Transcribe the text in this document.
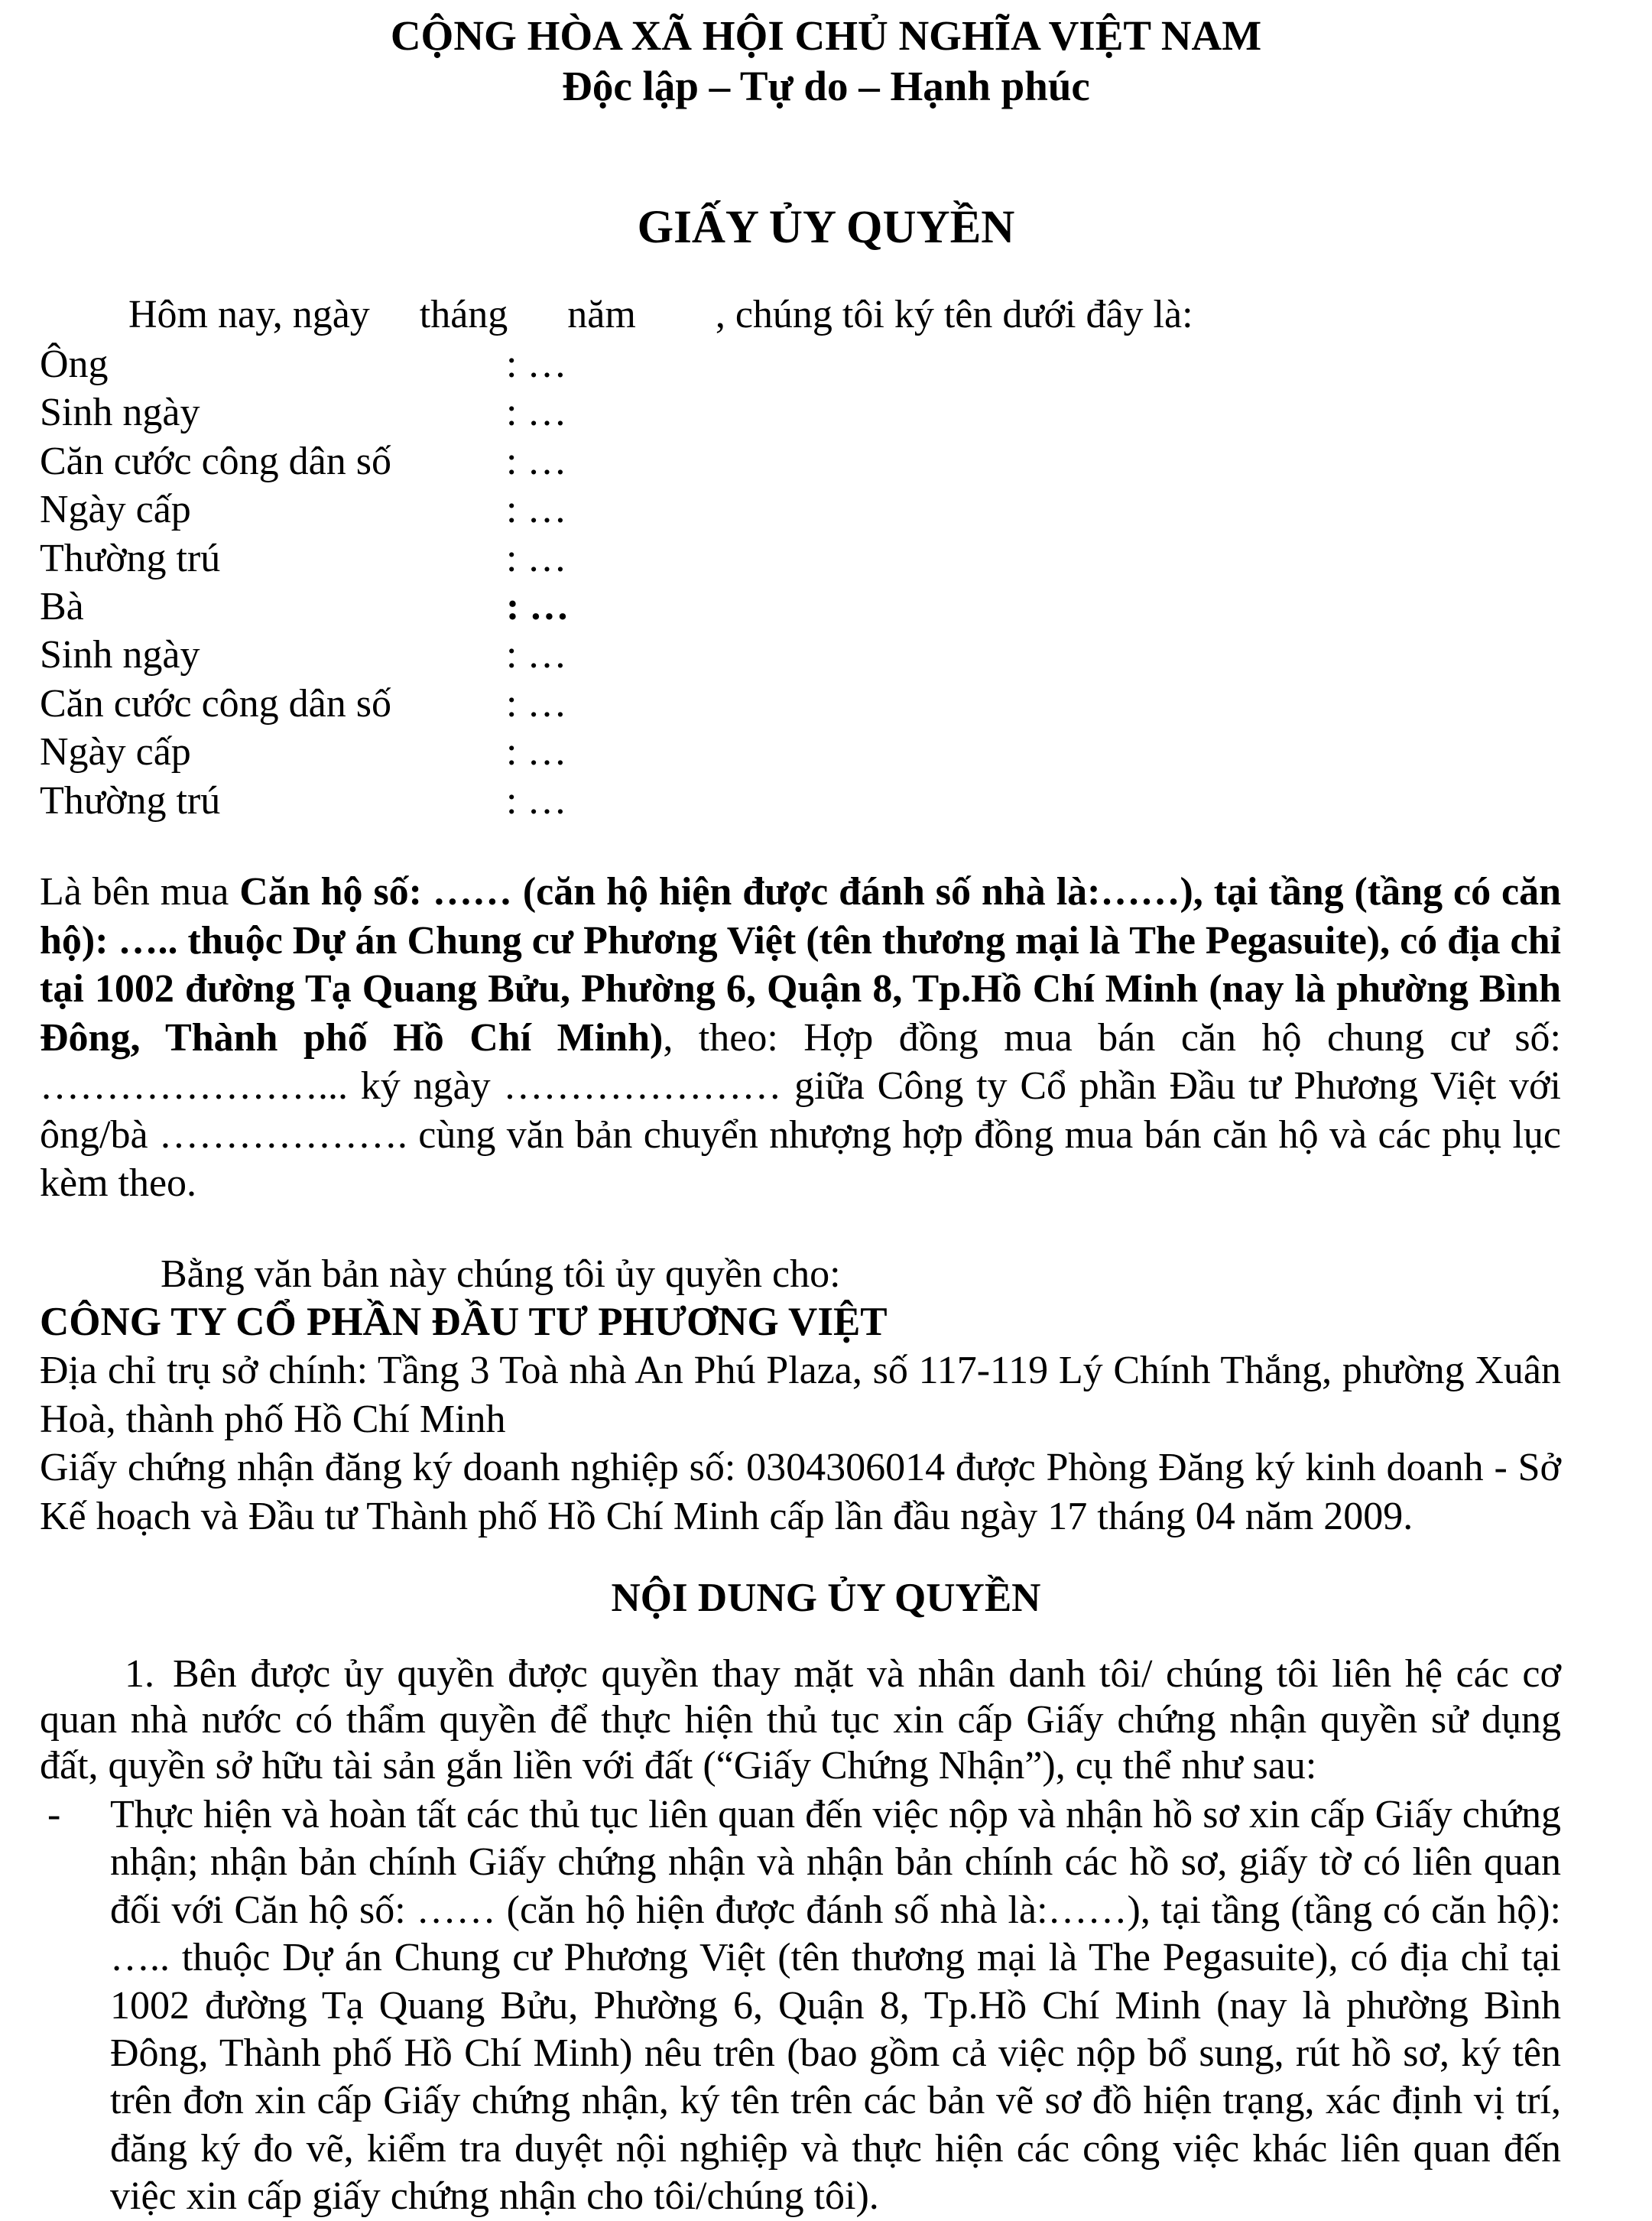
CỘNG HÒA XÃ HỘI CHỦ NGHĨA VIỆT NAM
Độc lập – Tự do – Hạnh phúc
GIẤY ỦY QUYỀN
Hôm nay, ngày     tháng      năm        , chúng tôi ký tên dưới đây là:
Ông	: …
Sinh ngày	: …
Căn cước công dân số	: …
Ngày cấp	: …
Thường trú	: …
Bà	: …
Sinh ngày	: …
Căn cước công dân số	: …
Ngày cấp	: …
Thường trú	: …
Là bên mua Căn hộ số: …… (căn hộ hiện được đánh số nhà là:……), tại tầng (tầng có căn hộ): ….. thuộc Dự án Chung cư Phương Việt (tên thương mại là The Pegasuite), có địa chỉ tại 1002 đường Tạ Quang Bửu, Phường 6, Quận 8, Tp.Hồ Chí Minh (nay là phường Bình Đông, Thành phố Hồ Chí Minh), theo: Hợp đồng mua bán căn hộ chung cư số: …………………... ký ngày ………………… giữa Công ty Cổ phần Đầu tư Phương Việt với ông/bà ………………. cùng văn bản chuyển nhượng hợp đồng mua bán căn hộ và các phụ lục kèm theo.
Bằng văn bản này chúng tôi ủy quyền cho:
CÔNG TY CỔ PHẦN ĐẦU TƯ PHƯƠNG VIỆT
Địa chỉ trụ sở chính: Tầng 3 Toà nhà An Phú Plaza, số 117-119 Lý Chính Thắng, phường Xuân Hoà, thành phố Hồ Chí Minh
Giấy chứng nhận đăng ký doanh nghiệp số: 0304306014 được Phòng Đăng ký kinh doanh - Sở Kế hoạch và Đầu tư Thành phố Hồ Chí Minh cấp lần đầu ngày 17 tháng 04 năm 2009.
NỘI DUNG ỦY QUYỀN
1. Bên được ủy quyền được quyền thay mặt và nhân danh tôi/ chúng tôi liên hệ các cơ quan nhà nước có thẩm quyền để thực hiện thủ tục xin cấp Giấy chứng nhận quyền sử dụng đất, quyền sở hữu tài sản gắn liền với đất (“Giấy Chứng Nhận”), cụ thể như sau:
- Thực hiện và hoàn tất các thủ tục liên quan đến việc nộp và nhận hồ sơ xin cấp Giấy chứng nhận; nhận bản chính Giấy chứng nhận và nhận bản chính các hồ sơ, giấy tờ có liên quan đối với Căn hộ số: …… (căn hộ hiện được đánh số nhà là:……), tại tầng (tầng có căn hộ): ….. thuộc Dự án Chung cư Phương Việt (tên thương mại là The Pegasuite), có địa chỉ tại 1002 đường Tạ Quang Bửu, Phường 6, Quận 8, Tp.Hồ Chí Minh (nay là phường Bình Đông, Thành phố Hồ Chí Minh) nêu trên (bao gồm cả việc nộp bổ sung, rút hồ sơ, ký tên trên đơn xin cấp Giấy chứng nhận, ký tên trên các bản vẽ sơ đồ hiện trạng, xác định vị trí, đăng ký đo vẽ, kiểm tra duyệt nội nghiệp và thực hiện các công việc khác liên quan đến việc xin cấp giấy chứng nhận cho tôi/chúng tôi).
